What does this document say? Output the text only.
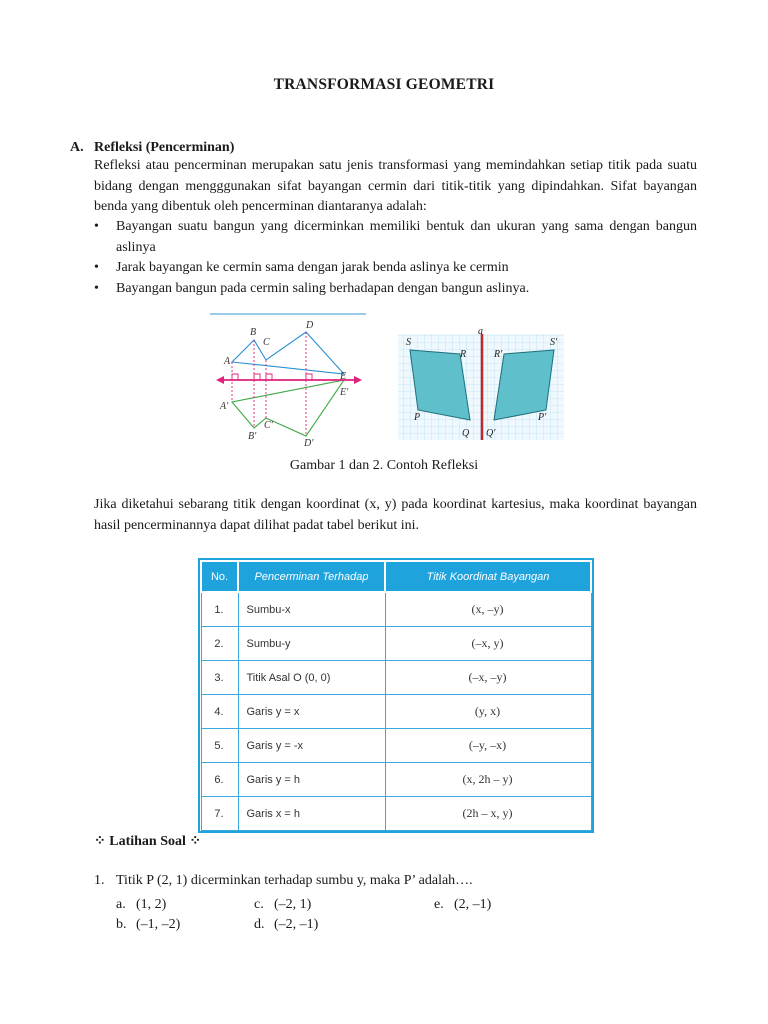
TRANSFORMASI GEOMETRI
A. Refleksi (Pencerminan)
Refleksi atau pencerminan merupakan satu jenis transformasi yang memindahkan setiap titik pada suatu bidang dengan mengggunakan sifat bayangan cermin dari titik-titik yang dipindahkan. Sifat bayangan benda yang dibentuk oleh pencerminan diantaranya adalah:
• Bayangan suatu bangun yang dicerminkan memiliki bentuk dan ukuran yang sama dengan bangun aslinya
• Jarak bayangan ke cermin sama dengan jarak benda aslinya ke cermin
• Bayangan bangun pada cermin saling berhadapan dengan bangun aslinya.
B
C
D
A
E
E'
A'
C'
B'
D'
a
S	S'
R	R'
P	P'
Q Q'
Gambar 1 dan 2. Contoh Refleksi
Jika diketahui sebarang titik dengan koordinat (x, y) pada koordinat kartesius, maka koordinat bayangan hasil pencerminannya dapat dilihat padat tabel berikut ini.
No.	Pencerminan Terhadap	Titik Koordinat Bayangan
1.	Sumbu-x	(x, –y)
2.	Sumbu-y	(–x, y)
3.	Titik Asal O (0, 0)	(–x, –y)
4.	Garis y = x	(y, x)
5.	Garis y = -x	(–y, –x)
6.	Garis y = h	(x, 2h – y)
7.	Garis x = h	(2h – x, y)
⁘ Latihan Soal ⁘
1. Titik P (2, 1) dicerminkan terhadap sumbu y, maka P’ adalah….
a. (1, 2)	c. (–2, 1)	e. (2, –1)
b. (–1, –2)	d. (–2, –1)
